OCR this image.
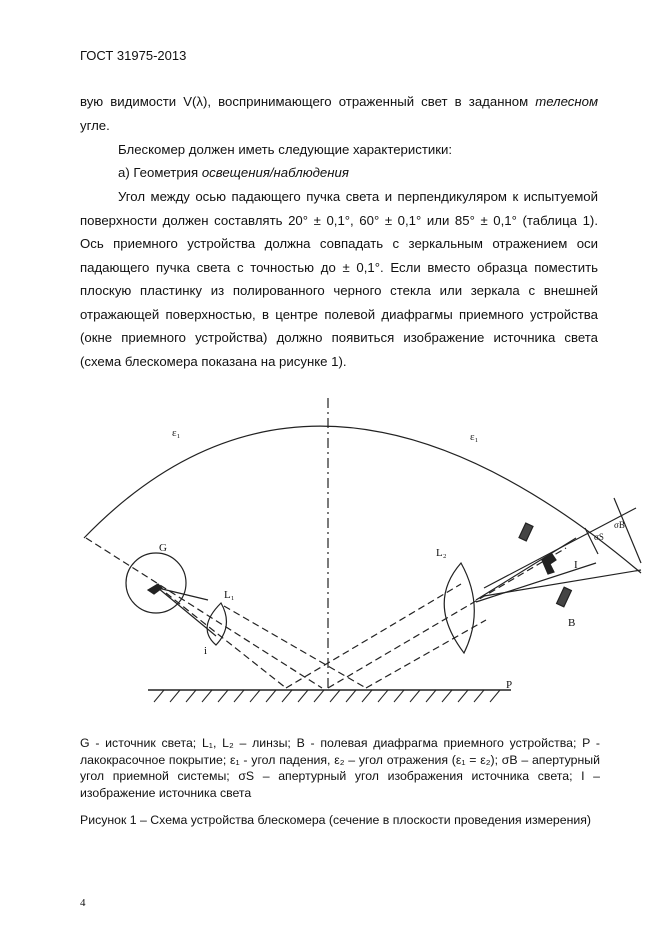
ГОСТ 31975-2013
вую видимости V(λ), воспринимающего отраженный свет в заданном телесном угле.
Блескомер должен иметь следующие характеристики:
а) Геометрия освещения/наблюдения
Угол между осью падающего пучка света и перпендикуляром к испытуемой поверхности должен составлять 20° ± 0,1°, 60° ± 0,1° или 85° ± 0,1° (таблица 1). Ось приемного устройства должна совпадать с зеркальным отражением оси падающего пучка света с точностью до ± 0,1°. Если вместо образца поместить плоскую пластинку из полированного черного стекла или зеркала с внешней отражающей поверхностью, в центре полевой диафрагмы приемного устройства (окне приемного устройства) должно появиться изображение источника света (схема блескомера показана на рисунке 1).
ε₁	ε₁
G
L₁
L₂
B
I
P
σB
σS
i
G - источник света; L₁, L₂ – линзы; B - полевая диафрагма приемного устройства; P - лакокрасочное покрытие; ε₁ - угол падения, ε₂ – угол отражения (ε₁ = ε₂); σB – апертурный угол приемной системы; σS – апертурный угол изображения источника света; I – изображение источника света
Рисунок 1 – Схема устройства блескомера (сечение в плоскости проведения измерения)
4
